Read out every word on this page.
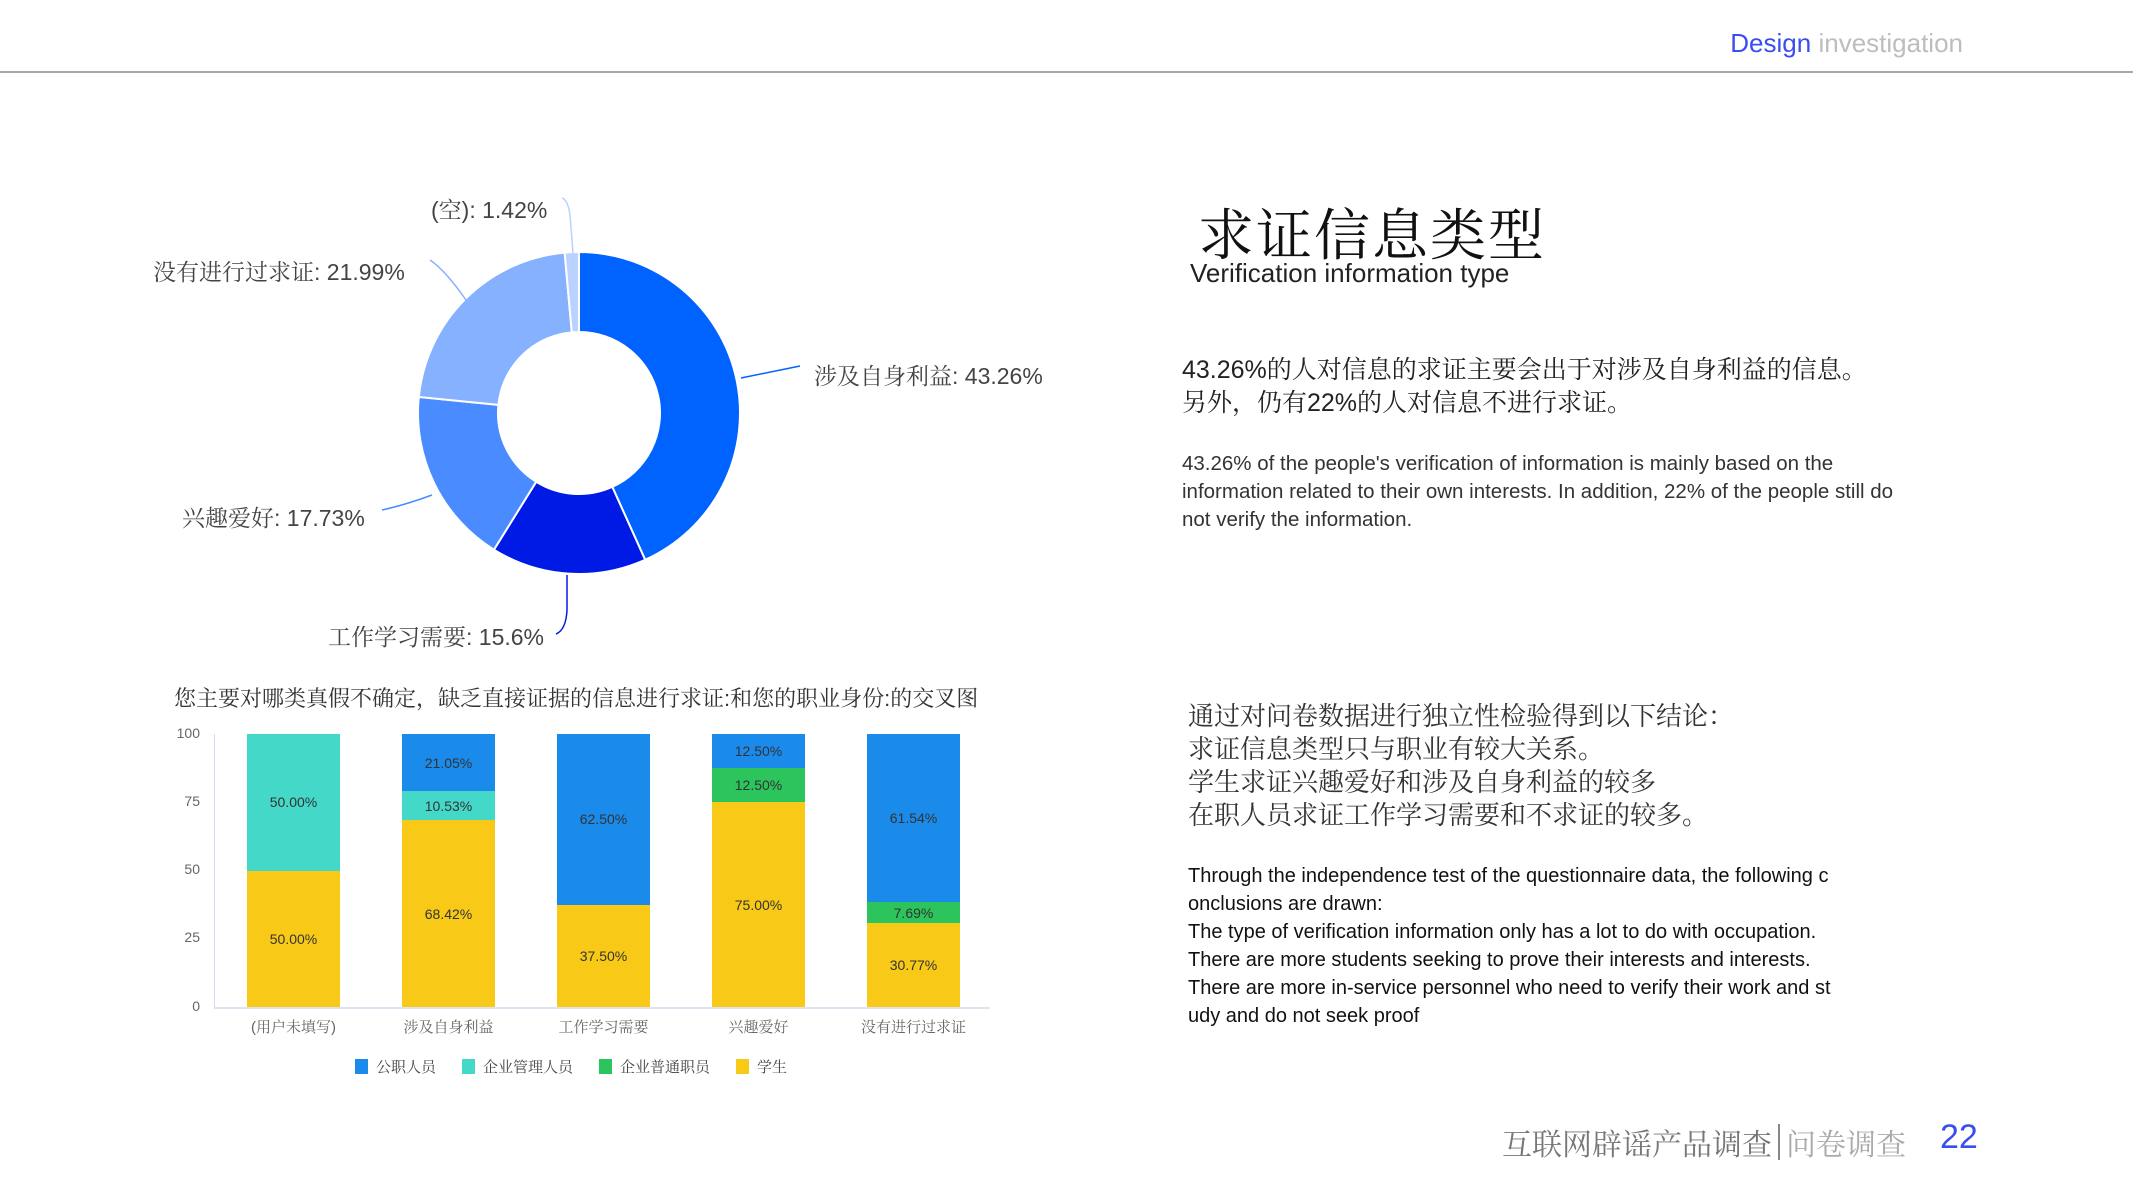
Design investigation
涉及自身利益: 43.26%
工作学习需要: 15.6%
兴趣爱好: 17.73%
没有进行过求证: 21.99%
(空): 1.42%
您主要对哪类真假不确定，缺乏直接证据的信息进行求证:和您的职业身份:的交叉图
100
75
50
25
0
50.00%
50.00%
68.42%
10.53%
21.05%
37.50%
62.50%
75.00%
12.50%
12.50%
30.77%
7.69%
61.54%
(用户未填写)	涉及自身利益	工作学习需要	兴趣爱好	没有进行过求证
公职人员	企业管理人员	企业普通职员	学生
求证信息类型
Verification information type
43.26%的人对信息的求证主要会出于对涉及自身利益的信息。
另外，仍有22%的人对信息不进行求证。
43.26% of the people's verification of information is mainly based on the information related to their own interests. In addition, 22% of the people still do not verify the information.
通过对问卷数据进行独立性检验得到以下结论：
求证信息类型只与职业有较大关系。
学生求证兴趣爱好和涉及自身利益的较多
在职人员求证工作学习需要和不求证的较多。
Through the independence test of the questionnaire data, the following c
onclusions are drawn:
The type of verification information only has a lot to do with occupation.
There are more students seeking to prove their interests and interests.
There are more in-service personnel who need to verify their work and st
udy and do not seek proof
互联网辟谣产品调查 问卷调查 22
